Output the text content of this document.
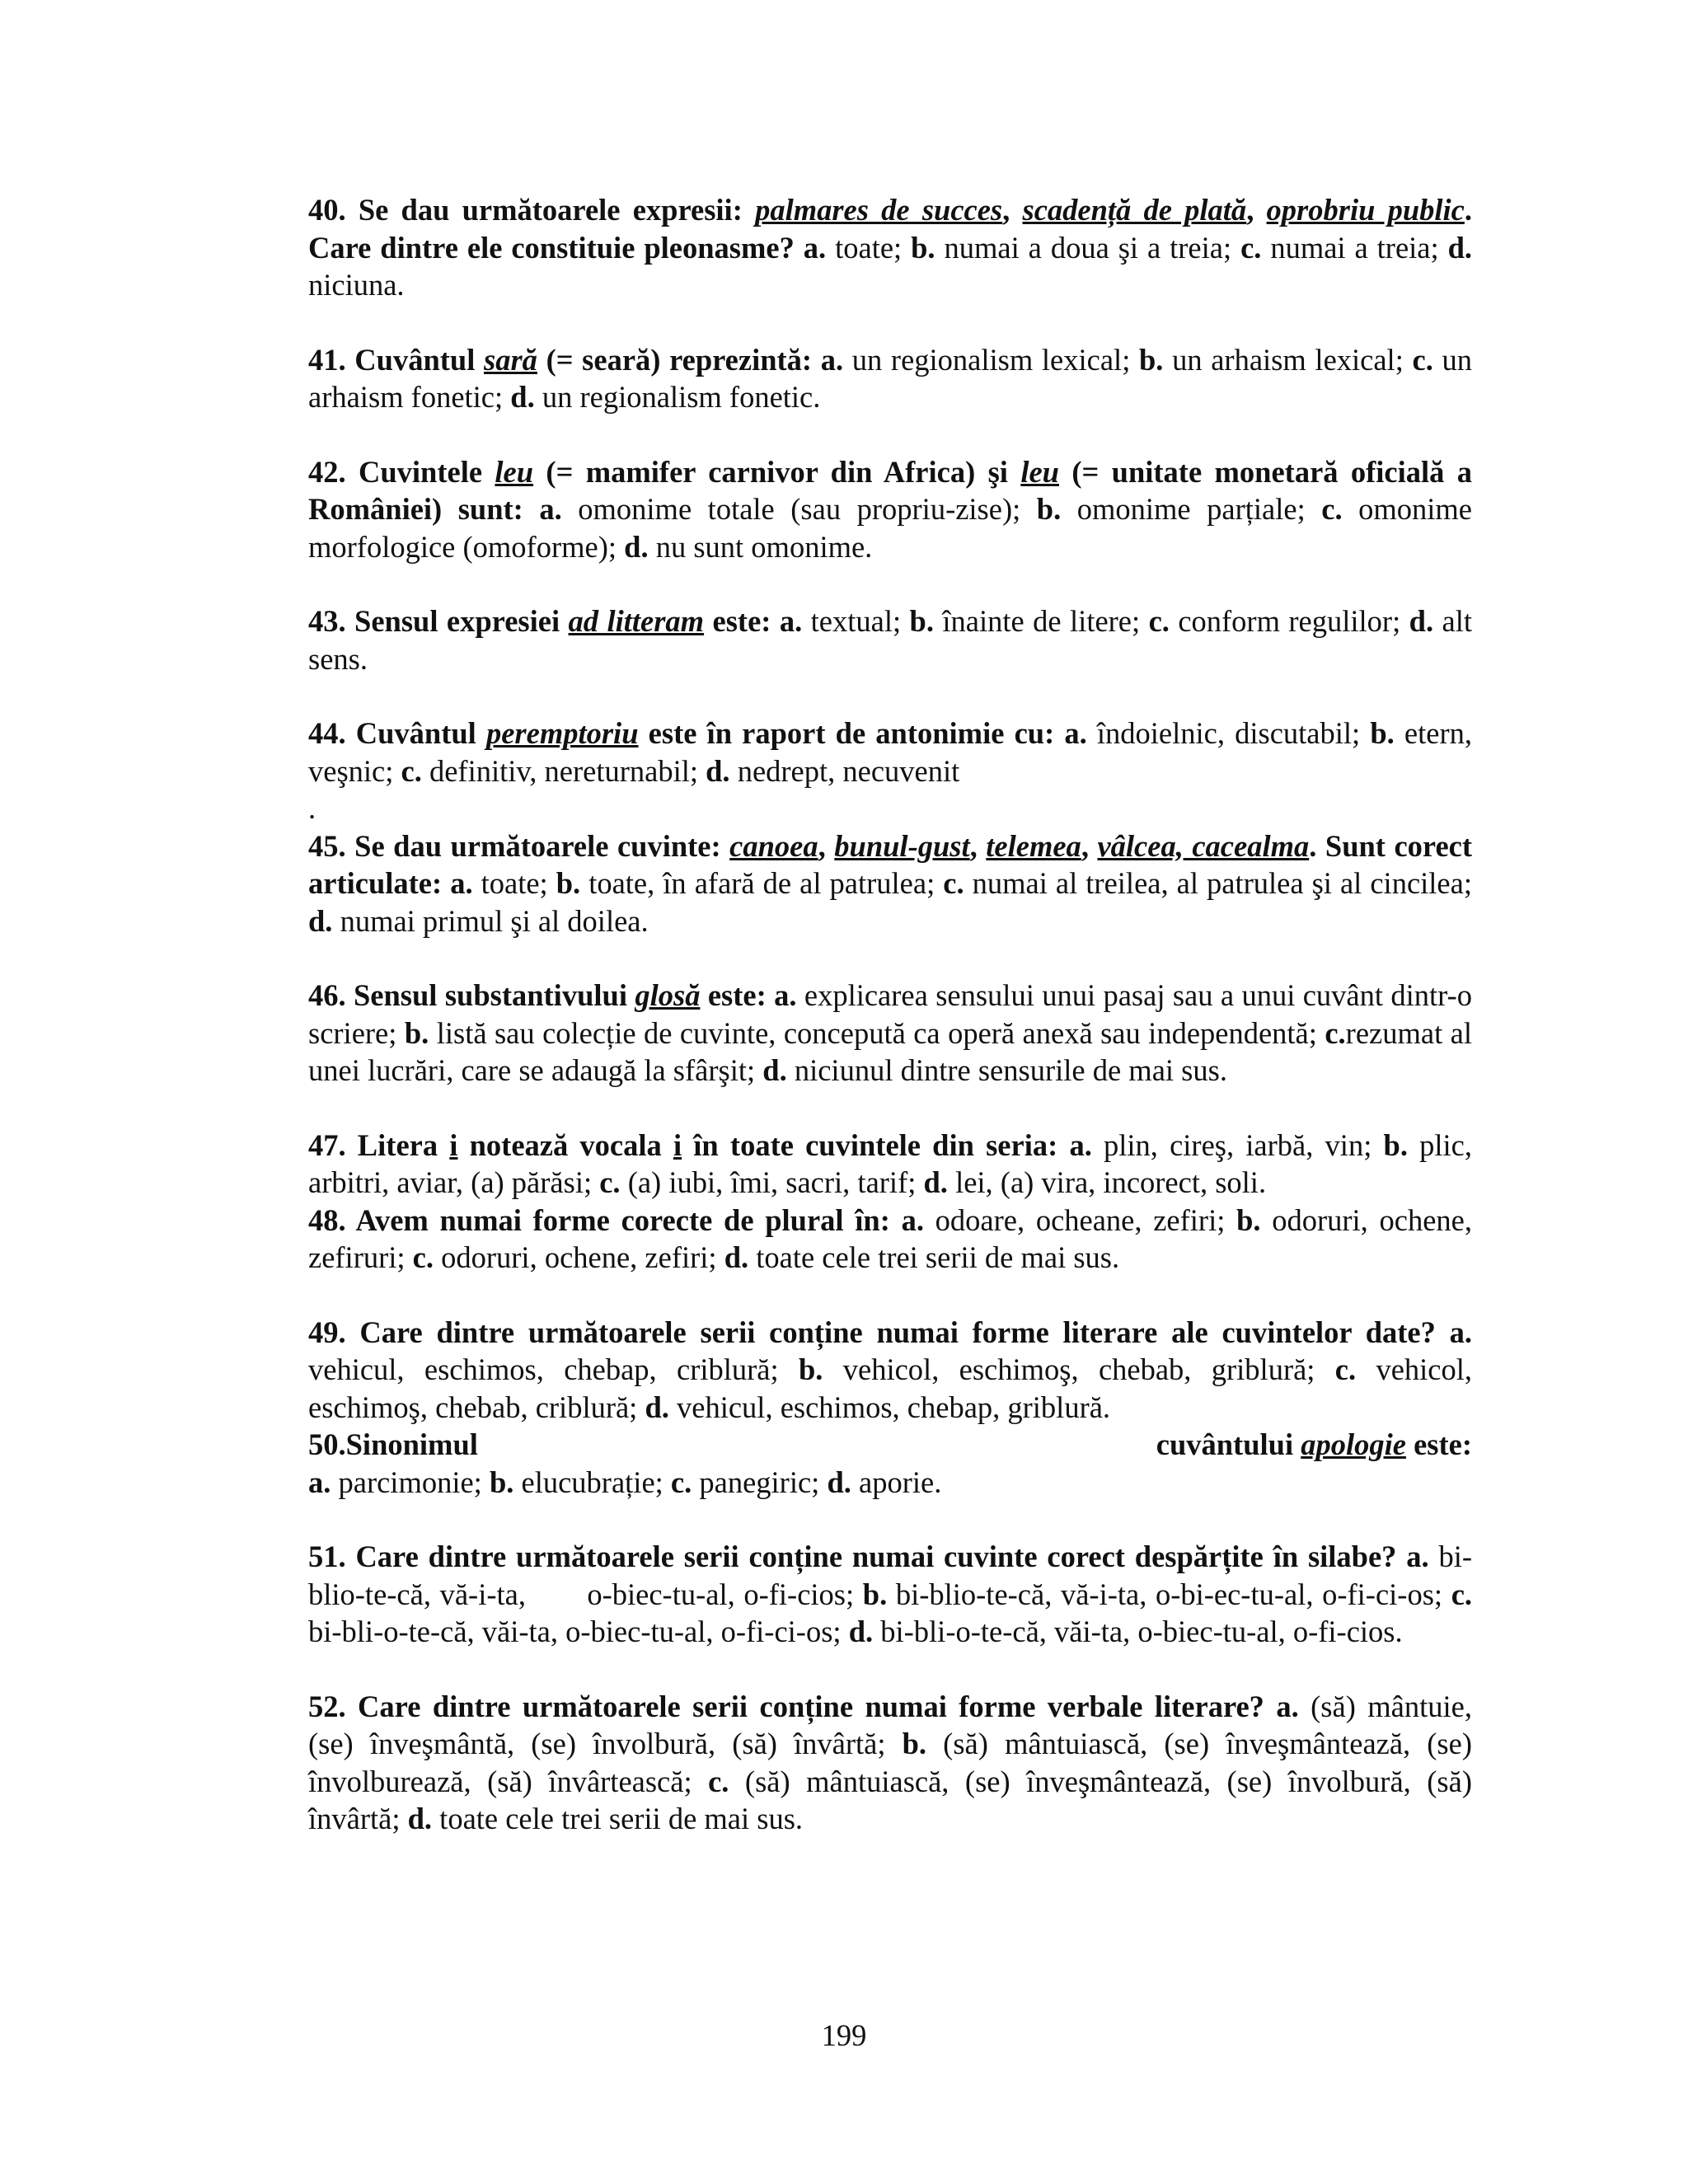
40. Se dau următoarele expresii: palmares de succes, scadență de plată, oprobriu public. Care dintre ele constituie pleonasme? a. toate; b. numai a doua şi a treia; c. numai a treia; d. niciuna.

41. Cuvântul sară (= seară) reprezintă: a. un regionalism lexical; b. un arhaism lexical; c. un arhaism fonetic; d. un regionalism fonetic.

42. Cuvintele leu (= mamifer carnivor din Africa) şi leu (= unitate monetară oficială a României) sunt: a. omonime totale (sau propriu-zise); b. omonime parțiale; c. omonime morfologice (omoforme); d. nu sunt omonime.

43. Sensul expresiei ad litteram este: a. textual; b. înainte de litere; c. conform regulilor; d. alt sens.

44. Cuvântul peremptoriu este în raport de antonimie cu: a. îndoielnic, discutabil; b. etern, veşnic; c. definitiv, nereturnabil; d. nedrept, necuvenit

.

45. Se dau următoarele cuvinte: canoea, bunul-gust, telemea, vâlcea, cacealma. Sunt corect articulate: a. toate; b. toate, în afară de al patrulea; c. numai al treilea, al patrulea şi al cincilea; d. numai primul şi al doilea.

46. Sensul substantivului glosă este: a. explicarea sensului unui pasaj sau a unui cuvânt dintr-o scriere; b. listă sau colecție de cuvinte, concepută ca operă anexă sau independentă; c.rezumat al unei lucrări, care se adaugă la sfârşit; d. niciunul dintre sensurile de mai sus.

47. Litera i notează vocala i în toate cuvintele din seria: a. plin, cireş, iarbă, vin; b. plic, arbitri, aviar, (a) părăsi; c. (a) iubi, îmi, sacri, tarif; d. lei, (a) vira, incorect, soli.

48. Avem numai forme corecte de plural în: a. odoare, ocheane, zefiri; b. odoruri, ochene, zefiruri; c. odoruri, ochene, zefiri; d. toate cele trei serii de mai sus.

49. Care dintre următoarele serii conține numai forme literare ale cuvintelor date? a. vehicul, eschimos, chebap, criblură; b. vehicol, eschimoş, chebab, griblură; c. vehicol, eschimoş, chebab, criblură; d. vehicul, eschimos, chebap, griblură.

50.Sinonimul	cuvântului apologie este:

a. parcimonie; b. elucubrație; c. panegiric; d. aporie.

51. Care dintre următoarele serii conține numai cuvinte corect despărțite în silabe? a. bi-blio-te-că, vă-i-ta,       o-biec-tu-al, o-fi-cios; b. bi-blio-te-că, vă-i-ta, o-bi-ec-tu-al, o-fi-ci-os; c. bi-bli-o-te-că, văi-ta, o-biec-tu-al, o-fi-ci-os; d. bi-bli-o-te-că, văi-ta, o-biec-tu-al, o-fi-cios.

52. Care dintre următoarele serii conține numai forme verbale literare? a. (să) mântuie, (se) înveşmântă, (se) învolbură, (să) învârtă; b. (să) mântuiască, (se) înveşmântează, (se) învolburează, (să) învârtească; c. (să) mântuiască, (se) înveşmântează, (se) învolbură, (să) învârtă; d. toate cele trei serii de mai sus.

199
